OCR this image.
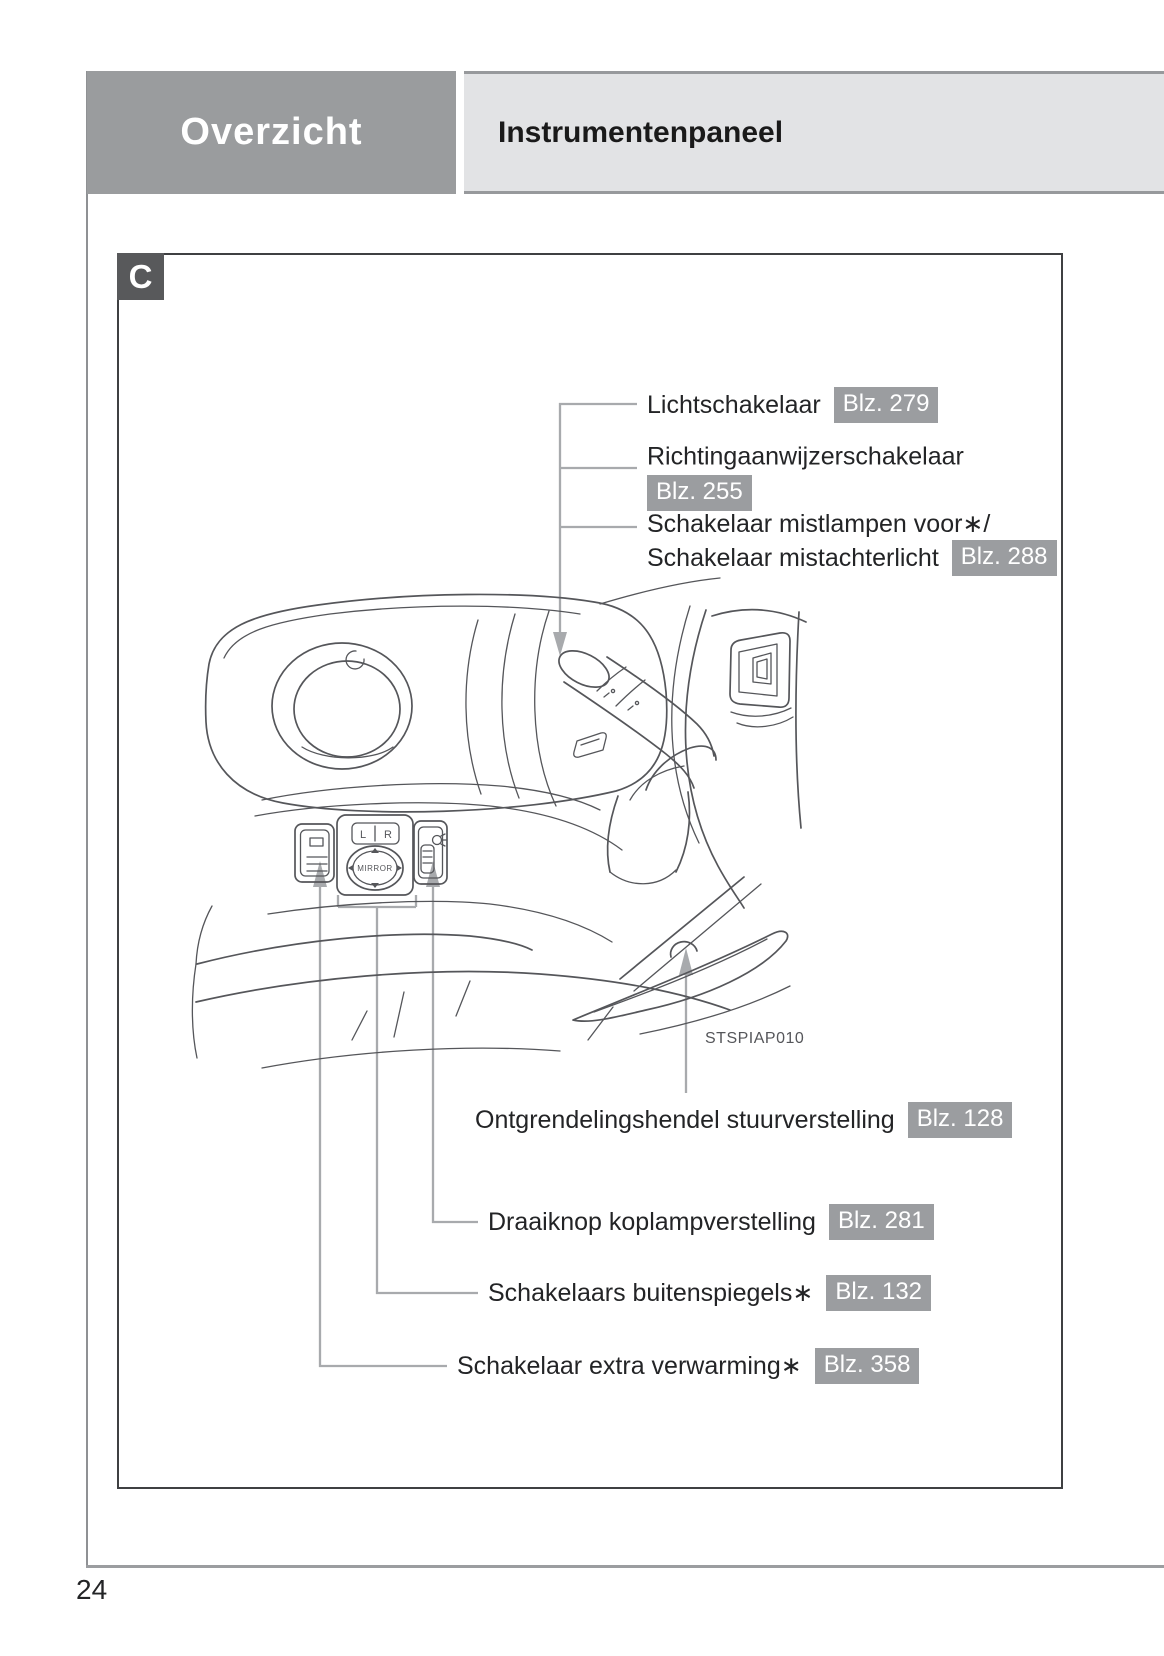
Overzicht	Instrumentenpaneel
C
L R
MIRROR
Lichtschakelaar Blz. 279
Richtingaanwijzerschakelaar
Blz. 255
Schakelaar mistlampen voor∗/
Schakelaar mistachterlicht Blz. 288
Ontgrendelingshendel stuurverstelling Blz. 128
Draaiknop koplampverstelling Blz. 281
Schakelaars buitenspiegels∗ Blz. 132
Schakelaar extra verwarming∗ Blz. 358
STSPIAP010
24
